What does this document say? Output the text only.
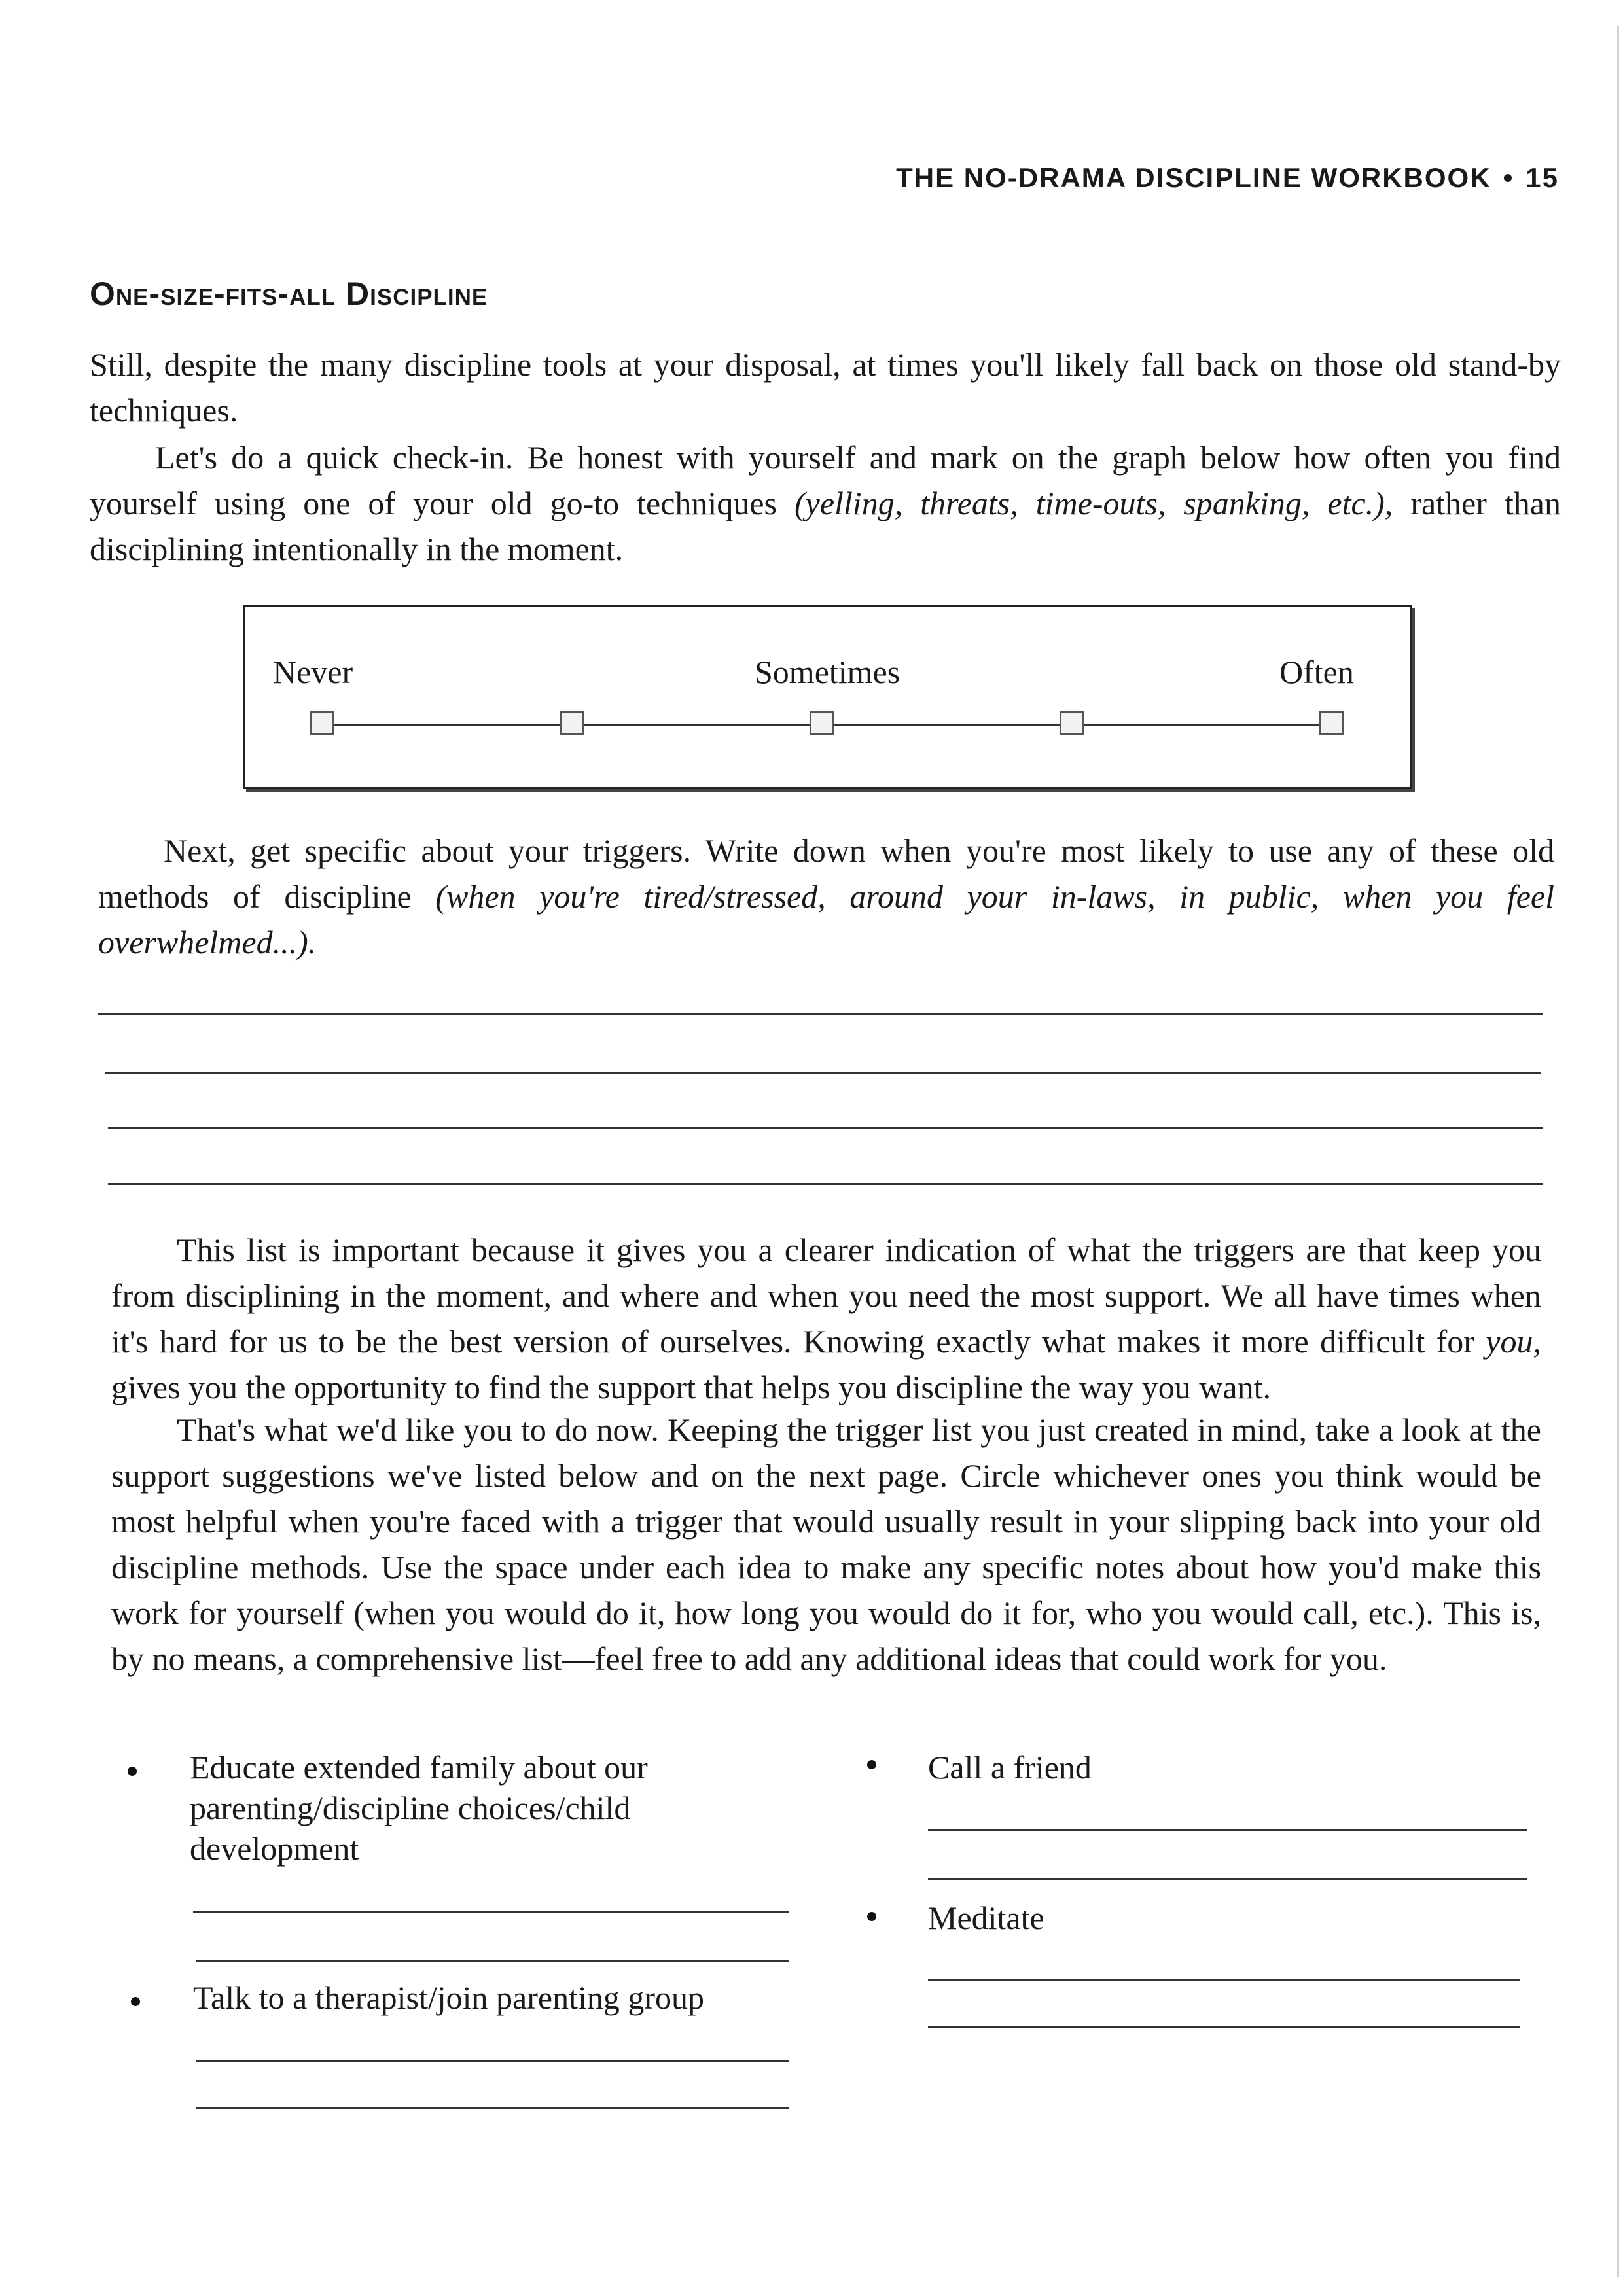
THE NO-DRAMA DISCIPLINE WORKBOOK • 15
One-size-fits-all Discipline

Still, despite the many discipline tools at your disposal, at times you'll likely fall back on those old stand-by techniques.

Let's do a quick check-in. Be honest with yourself and mark on the graph below how often you find yourself using one of your old go-to techniques (yelling, threats, time-outs, spanking, etc.), rather than disciplining intentionally in the moment.

Never	Sometimes	Often

Next, get specific about your triggers. Write down when you're most likely to use any of these old methods of discipline (when you're tired/stressed, around your in-laws, in public, when you feel overwhelmed...).

This list is important because it gives you a clearer indication of what the triggers are that keep you from disciplining in the moment, and where and when you need the most support. We all have times when it's hard for us to be the best version of ourselves. Knowing exactly what makes it more difficult for you, gives you the opportunity to find the support that helps you discipline the way you want.

That's what we'd like you to do now. Keeping the trigger list you just created in mind, take a look at the support suggestions we've listed below and on the next page. Circle whichever ones you think would be most helpful when you're faced with a trigger that would usually result in your slipping back into your old discipline methods. Use the space under each idea to make any specific notes about how you'd make this work for yourself (when you would do it, how long you would do it for, who you would call, etc.). This is, by no means, a comprehensive list—feel free to add any additional ideas that could work for you.

Educate extended family about our parenting/discipline choices/child development
Talk to a therapist/join parenting group
Call a friend
Meditate
